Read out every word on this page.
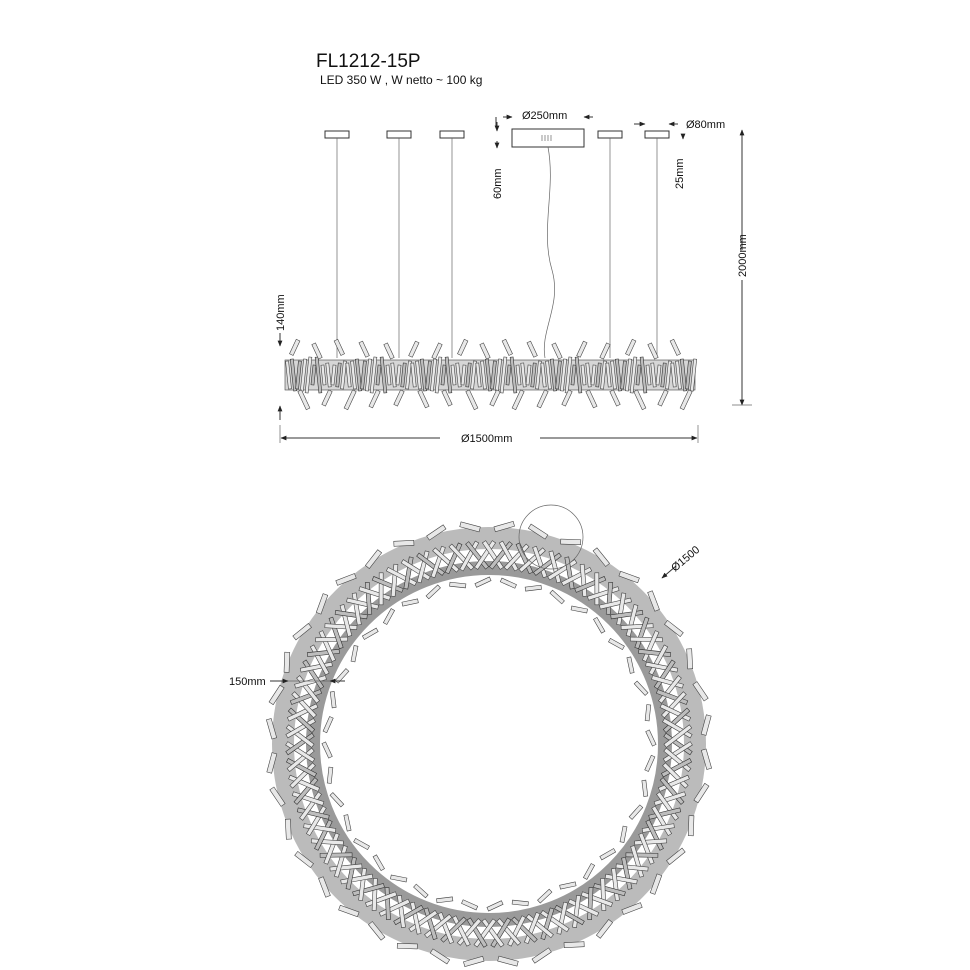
FL1212-15P
LED 350 W , W netto ~ 100 kg
Ø250mm
Ø80mm
60mm	25mm
2000mm
140mm
Ø1500mm
Ø1500
150mm
